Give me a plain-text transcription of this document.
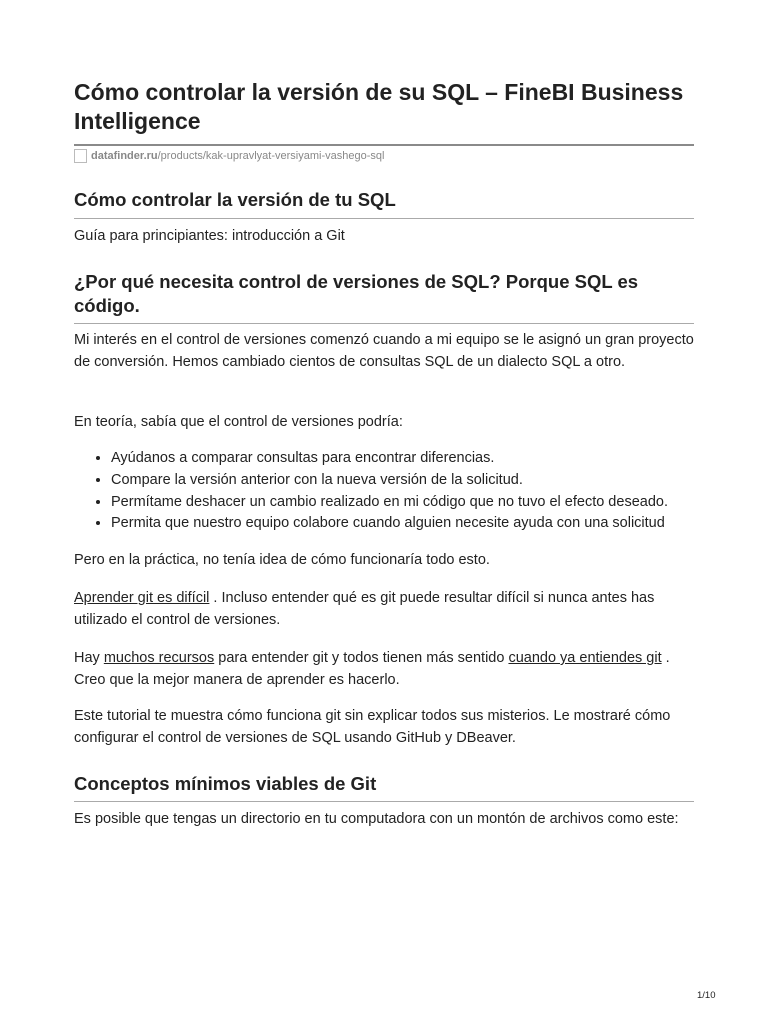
Cómo controlar la versión de su SQL – FineBI Business Intelligence
datafinder.ru /products/kak-upravlyat-versiyami-vashego-sql
Cómo controlar la versión de tu SQL

Guía para principiantes: introducción a Git

¿Por qué necesita control de versiones de SQL? Porque SQL es código.

Mi interés en el control de versiones comenzó cuando a mi equipo se le asignó un gran proyecto de conversión. Hemos cambiado cientos de consultas SQL de un dialecto SQL a otro.

En teoría, sabía que el control de versiones podría:

• Ayúdanos a comparar consultas para encontrar diferencias.
• Compare la versión anterior con la nueva versión de la solicitud.
• Permítame deshacer un cambio realizado en mi código que no tuvo el efecto deseado.
• Permita que nuestro equipo colabore cuando alguien necesite ayuda con una solicitud

Pero en la práctica, no tenía idea de cómo funcionaría todo esto.

Aprender git es difícil . Incluso entender qué es git puede resultar difícil si nunca antes has utilizado el control de versiones.

Hay muchos recursos para entender git y todos tienen más sentido cuando ya entiendes git . Creo que la mejor manera de aprender es hacerlo.

Este tutorial te muestra cómo funciona git sin explicar todos sus misterios. Le mostraré cómo configurar el control de versiones de SQL usando GitHub y DBeaver.

Conceptos mínimos viables de Git

Es posible que tengas un directorio en tu computadora con un montón de archivos como este:

1/10
